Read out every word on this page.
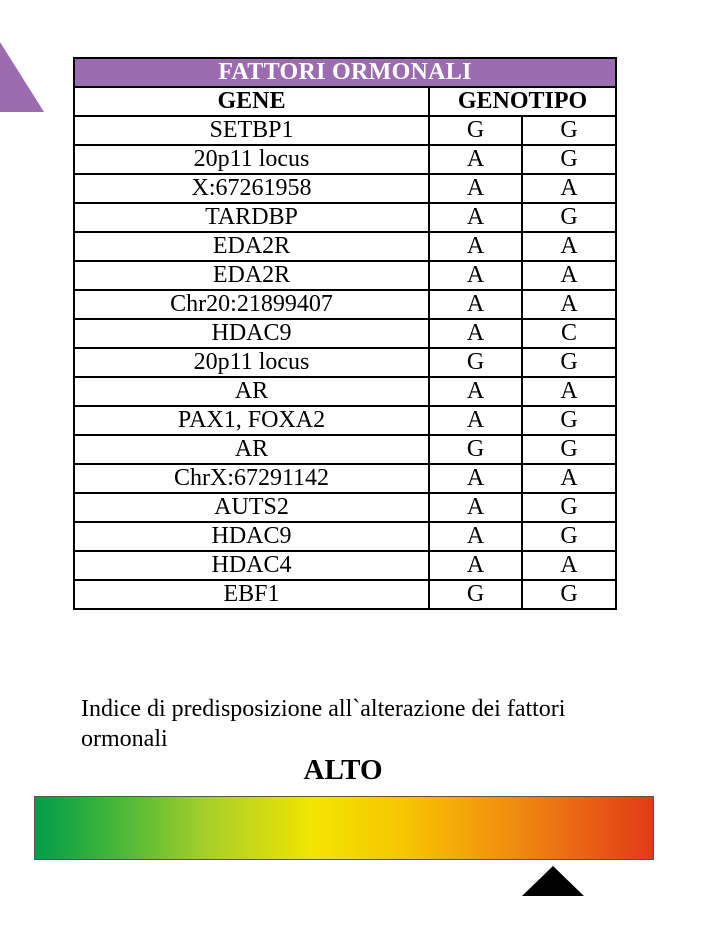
FATTORI ORMONALI		
GENE	GENOTIPO	
SETBP1	G	G
20p11 locus	A	G
X:67261958	A	A
TARDBP	A	G
EDA2R	A	A
EDA2R	A	A
Chr20:21899407	A	A
HDAC9	A	C
20p11 locus	G	G
AR	A	A
PAX1, FOXA2	A	G
AR	G	G
ChrX:67291142	A	A
AUTS2	A	G
HDAC9	A	G
HDAC4	A	A
EBF1	G	G
Indice di predisposizione all`alterazione dei fattori ormonali
ALTO
